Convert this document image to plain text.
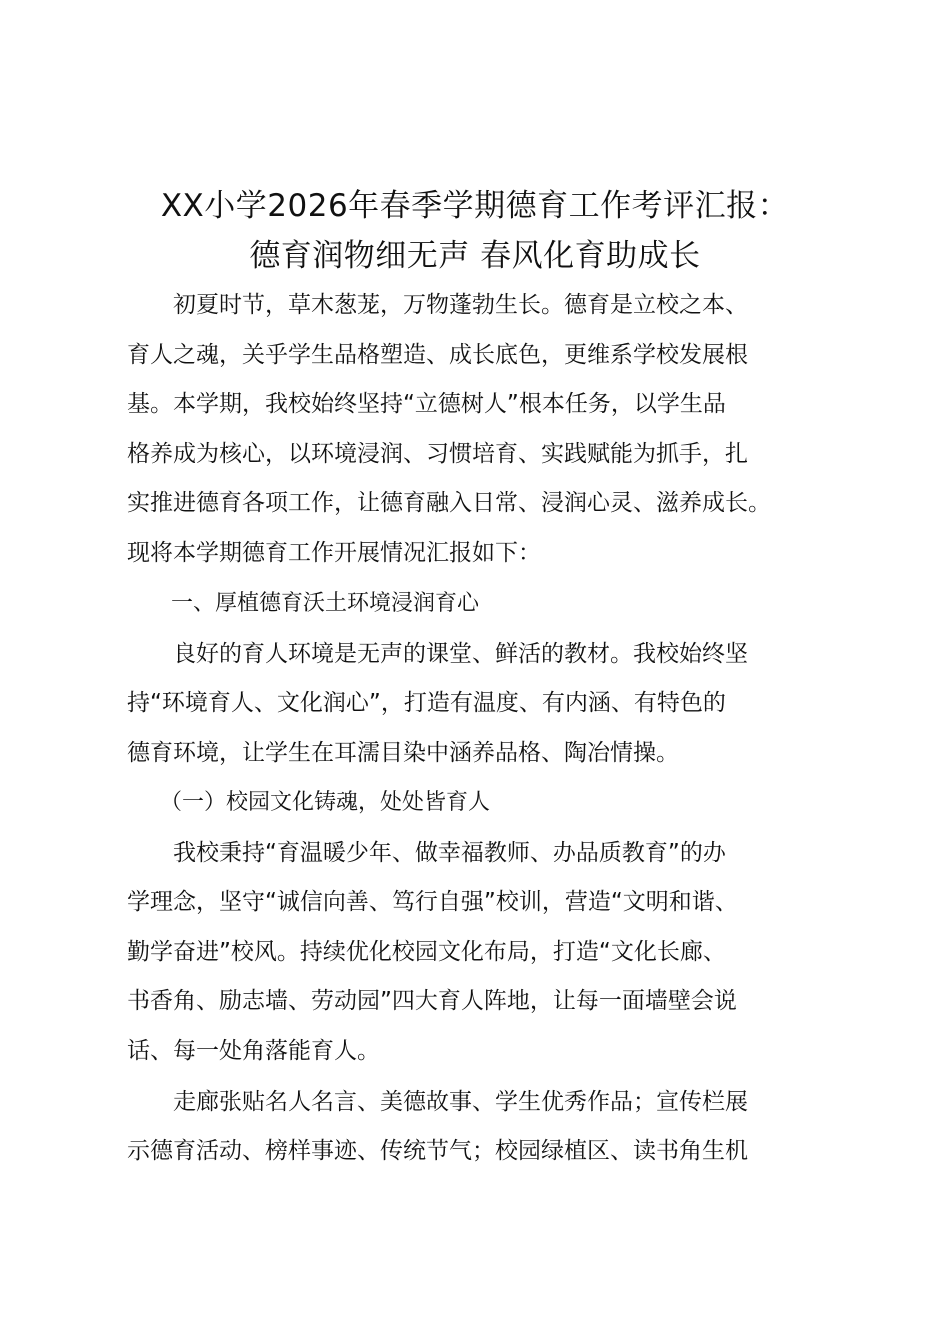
XX小学2026年春季学期德育工作考评汇报：
德育润物细无声 春风化育助成长
　　初夏时节，草木葱茏，万物蓬勃生长。德育是立校之本、
育人之魂，关乎学生品格塑造、成长底色，更维系学校发展根
基。本学期，我校始终坚持“立德树人”根本任务，以学生品
格养成为核心，以环境浸润、习惯培育、实践赋能为抓手，扎
实推进德育各项工作，让德育融入日常、浸润心灵、滋养成长。
现将本学期德育工作开展情况汇报如下：
　　一、厚植德育沃土环境浸润育心
　　良好的育人环境是无声的课堂、鲜活的教材。我校始终坚
持“环境育人、文化润心”，打造有温度、有内涵、有特色的
德育环境，让学生在耳濡目染中涵养品格、陶冶情操。
　　（一）校园文化铸魂，处处皆育人
　　我校秉持“育温暖少年、做幸福教师、办品质教育”的办
学理念，坚守“诚信向善、笃行自强”校训，营造“文明和谐、
勤学奋进”校风。持续优化校园文化布局，打造“文化长廊、
书香角、励志墙、劳动园”四大育人阵地，让每一面墙壁会说
话、每一处角落能育人。
　　走廊张贴名人名言、美德故事、学生优秀作品；宣传栏展
示德育活动、榜样事迹、传统节气；校园绿植区、读书角生机
